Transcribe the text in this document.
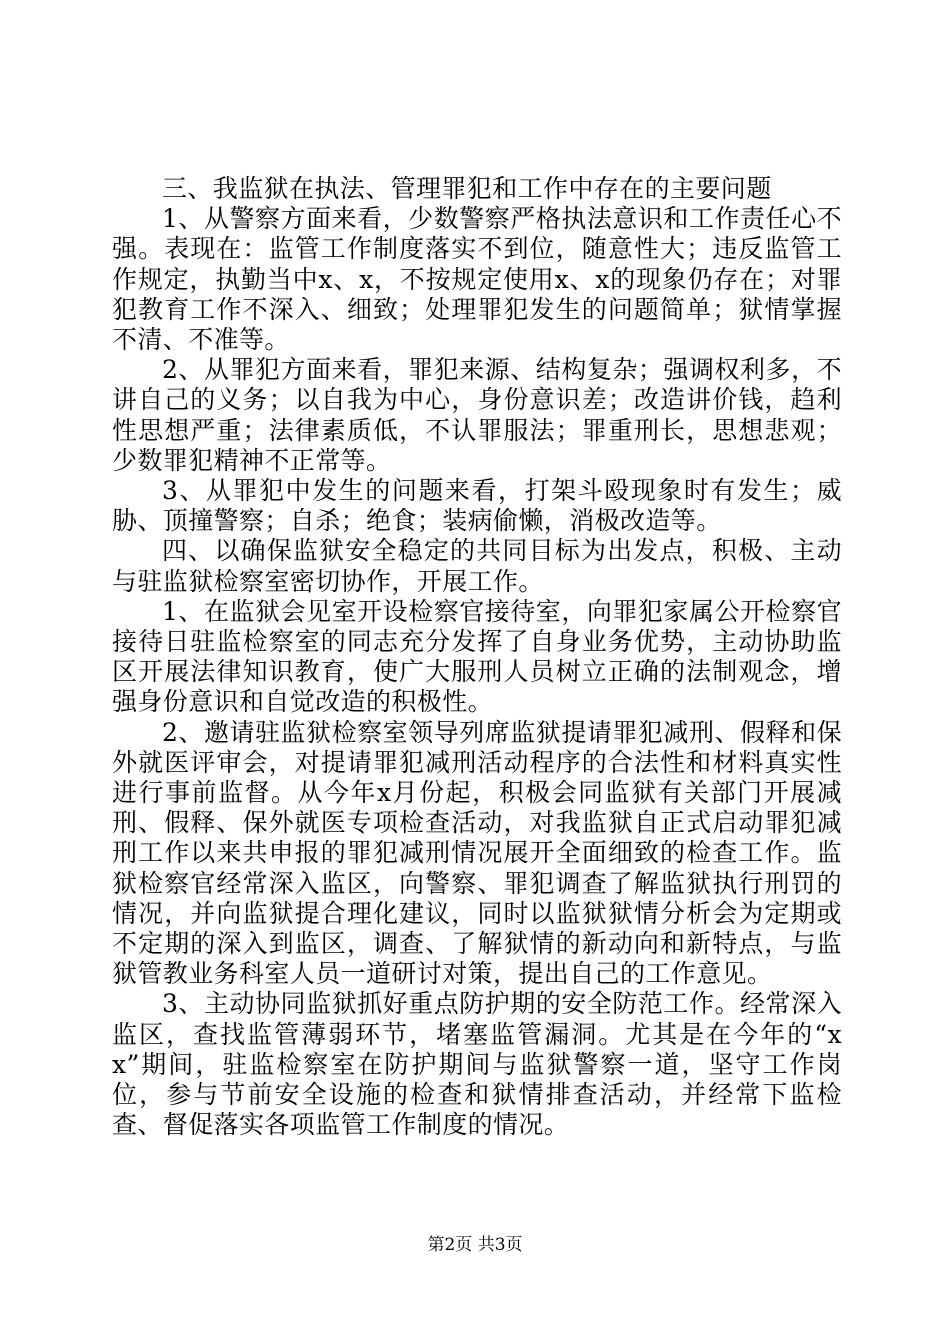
三、我监狱在执法、管理罪犯和工作中存在的主要问题

1、从警察方面来看，少数警察严格执法意识和工作责任心不强。表现在：监管工作制度落实不到位，随意性大；违反监管工作规定，执勤当中x、x，不按规定使用x、x的现象仍存在；对罪犯教育工作不深入、细致；处理罪犯发生的问题简单；狱情掌握不清、不准等。

2、从罪犯方面来看，罪犯来源、结构复杂；强调权利多，不讲自己的义务；以自我为中心，身份意识差；改造讲价钱，趋利性思想严重；法律素质低，不认罪服法；罪重刑长，思想悲观；少数罪犯精神不正常等。

3、从罪犯中发生的问题来看，打架斗殴现象时有发生；威胁、顶撞警察；自杀；绝食；装病偷懒，消极改造等。

四、以确保监狱安全稳定的共同目标为出发点，积极、主动与驻监狱检察室密切协作，开展工作。

1、在监狱会见室开设检察官接待室，向罪犯家属公开检察官接待日驻监检察室的同志充分发挥了自身业务优势，主动协助监区开展法律知识教育，使广大服刑人员树立正确的法制观念，增强身份意识和自觉改造的积极性。

2、邀请驻监狱检察室领导列席监狱提请罪犯减刑、假释和保外就医评审会，对提请罪犯减刑活动程序的合法性和材料真实性进行事前监督。从今年x月份起，积极会同监狱有关部门开展减刑、假释、保外就医专项检查活动，对我监狱自正式启动罪犯减刑工作以来共申报的罪犯减刑情况展开全面细致的检查工作。监狱检察官经常深入监区，向警察、罪犯调查了解监狱执行刑罚的情况，并向监狱提合理化建议，同时以监狱狱情分析会为定期或不定期的深入到监区，调查、了解狱情的新动向和新特点，与监狱管教业务科室人员一道研讨对策，提出自己的工作意见。

3、主动协同监狱抓好重点防护期的安全防范工作。经常深入监区，查找监管薄弱环节，堵塞监管漏洞。尤其是在今年的“xx”期间，驻监检察室在防护期间与监狱警察一道，坚守工作岗位，参与节前安全设施的检查和狱情排查活动，并经常下监检查、督促落实各项监管工作制度的情况。

第2页 共3页
